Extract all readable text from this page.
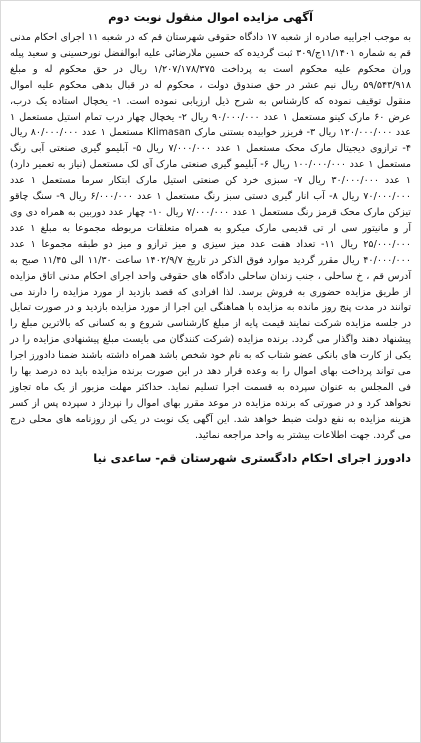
آگهی مزایده اموال منقول نوبت دوم

به موجب اجراییه صادره از شعبه ۱۷ دادگاه حقوقی شهرستان قم که در شعبه ۱۱ اجرای احکام مدنی قم به شماره ۱۱/۱۴۰۱ج/۳۰۹ ثبت گردیده که حسین ملارضائی علیه ابوالفضل نورحسینی و سعید پیله وران محکوم علیه محکوم است به پرداخت ۱/۲۰۷/۱۷۸/۳۷۵ ریال در حق محکوم له و مبلغ ۵۹/۵۴۳/۹۱۸ ریال نیم عشر در حق صندوق دولت ، محکوم له در قبال بدهی محکوم علیه اموال منقول توقیف نموده که کارشناس به شرح ذیل ارزیابی نموده است. ۱- یخچال استاده یک درب، عرض ۶۰ مارک کینو مستعمل ۱ عدد ۹۰/۰۰۰/۰۰۰ ریال ۲- یخچال چهار درب تمام استیل مستعمل ۱ عدد ۱۲۰/۰۰۰/۰۰۰ ریال ۳- فریزر خوابیده بستنی مارک Klimasan مستعمل ۱ عدد ۸۰/۰۰۰/۰۰۰ ریال ۴- ترازوی دیجیتال مارک محک مستعمل ۱ عدد ۷/۰۰۰/۰۰۰ ریال ۵- آبلیمو گیری صنعتی آبی رنگ مستعمل ۱ عدد ۱۰۰/۰۰۰/۰۰۰ ریال ۶- آبلیمو گیری صنعتی مارک آی لک مستعمل (نیاز به تعمیر دارد) ۱ عدد ۳۰/۰۰۰/۰۰۰ ریال ۷- سبزی خرد کن صنعتی استیل مارک ابتکار سرما مستعمل ۱ عدد ۷۰/۰۰۰/۰۰۰ ریال ۸- آب انار گیری دستی سبز رنگ مستعمل ۱ عدد ۶/۰۰۰/۰۰۰ ریال ۹- سنگ چاقو تیزکن مارک محک قرمز رنگ مستعمل ۱ عدد ۷/۰۰۰/۰۰۰ ریال ۱۰- چهار عدد دوربین به همراه دی وی آر و مانیتور سی ار تی قدیمی مارک میکرو به همراه متعلقات مربوطه مجموعا به مبلغ ۱ عدد ۲۵/۰۰۰/۰۰۰ ریال ۱۱- تعداد هفت عدد میز سیزی و میز ترازو و میز دو طبقه مجموعا ۱ عدد ۴۰/۰۰۰/۰۰۰ ریال مقرر گردید موارد فوق الذکر در تاریخ ۱۴۰۲/۹/۷ ساعت ۱۱/۳۰ الی ۱۱/۴۵ صبح به آدرس قم ، خ ساحلی ، جنب زندان ساحلی دادگاه های حقوقی واحد اجرای احکام مدنی اتاق مزایده از طریق مزایده حضوری به فروش برسد. لذا افرادی که قصد بازدید از مورد مزایده را دارند می توانند در مدت پنج روز مانده به مزایده با هماهنگی این اجرا از مورد مزایده بازدید و در صورت تمایل در جلسه مزایده شرکت نمایند قیمت پایه از مبلغ کارشناسی شروع و به کسانی که بالاترین مبلغ را پیشنهاد دهند واگذار می گردد. برنده مزایده (شرکت کنندگان می بایست مبلغ پیشنهادی مزایده را در یکی از کارت های بانکی عضو شتاب که به نام خود شخص باشد همراه داشته باشند ضمنا دادورز اجرا می تواند پرداخت بهای اموال را به وعده قرار دهد در این صورت برنده مزایده باید ده درصد بها را فی المجلس به عنوان سپرده به قسمت اجرا تسلیم نماید. حداکثر مهلت مزبور از یک ماه تجاوز نخواهد کرد و در صورتی که برنده مزایده در موعد مقرر بهای اموال را نپرداز د سپرده پس از کسر هزینه مزایده به نفع دولت ضبط خواهد شد. این آگهی یک نوبت در یکی از روزنامه های محلی درج می گردد. جهت اطلاعات بیشتر به واحد مراجعه نمائید.

دادورز اجرای احکام دادگستری شهرستان قم- ساعدی نیا
